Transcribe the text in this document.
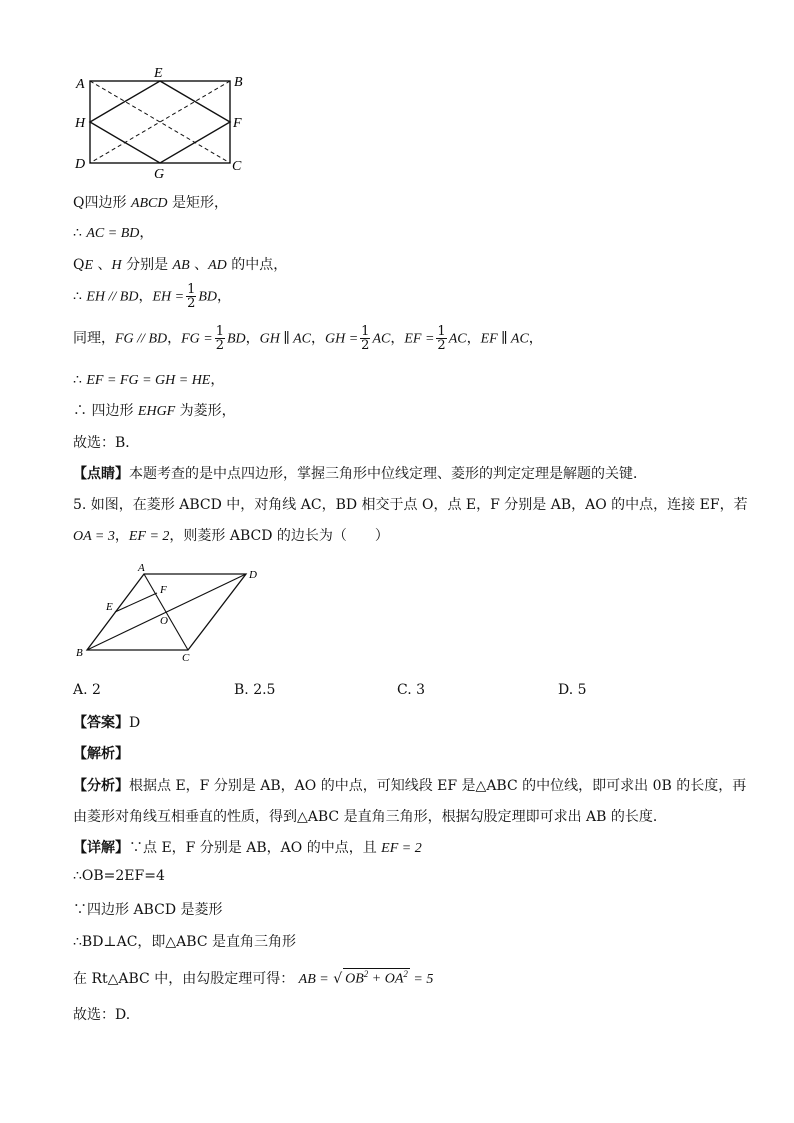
A
E
B
H	F
D
G
C
Q四边形 ABCD 是矩形，
∴ AC = BD，
QE 、H 分别是 AB 、AD 的中点，
∴ EH // BD，EH = $\frac{1}{2}$ BD，
同理，FG // BD，FG = $\frac{1}{2}$ BD，GH ∥ AC，GH = $\frac{1}{2}$ AC，EF = $\frac{1}{2}$ AC，EF ∥ AC，
∴ EF = FG = GH = HE，
∴ 四边形 EHGF 为菱形，
故选：B．
【点睛】本题考查的是中点四边形，掌握三角形中位线定理、菱形的判定定理是解题的关键．
5. 如图，在菱形 ABCD 中，对角线 AC，BD 相交于点 O，点 E，F 分别是 AB，AO 的中点，连接 EF，若
OA = 3，EF = 2，则菱形 ABCD 的边长为（　　）
A
D
F
E
O
B	C
A. 2	B. 2.5	C. 3	D. 5
【答案】D
【解析】
【分析】根据点 E，F 分别是 AB，AO 的中点，可知线段 EF 是△ABC 的中位线，即可求出 0B 的长度，再
由菱形对角线互相垂直的性质，得到△ABC 是直角三角形，根据勾股定理即可求出 AB 的长度．
【详解】∵点 E，F 分别是 AB，AO 的中点，且 EF = 2
∴OB=2EF=4
∵四边形 ABCD 是菱形
∴BD⊥AC，即△ABC 是直角三角形
在 Rt△ABC 中，由勾股定理可得： AB = √ $OB^2 + OA^2 = 5$
故选：D.
